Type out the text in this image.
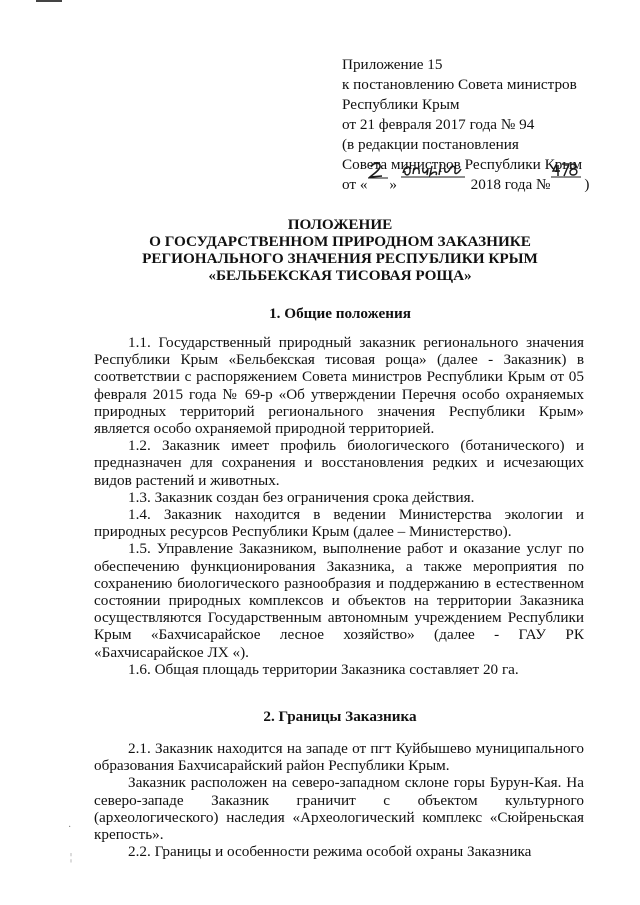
Приложение 15
к постановлению Совета министров
Республики Крым
от 21 февраля 2017 года № 94
(в редакции постановления
Совета министров Республики Крым
от « »	2018 года № )
ПОЛОЖЕНИЕ
О ГОСУДАРСТВЕННОМ ПРИРОДНОМ ЗАКАЗНИКЕ
РЕГИОНАЛЬНОГО ЗНАЧЕНИЯ РЕСПУБЛИКИ КРЫМ
«БЕЛЬБЕКСКАЯ ТИСОВАЯ РОЩА»
1. Общие положения

1.1. Государственный природный заказник регионального значения Республики Крым «Бельбекская тисовая роща» (далее - Заказник) в соответствии с распоряжением Совета министров Республики Крым от 05 февраля 2015 года № 69-р «Об утверждении Перечня особо охраняемых природных территорий регионального значения Республики Крым» является особо охраняемой природной территорией.

1.2. Заказник имеет профиль биологического (ботанического) и предназначен для сохранения и восстановления редких и исчезающих видов растений и животных.

1.3. Заказник создан без ограничения срока действия.

1.4. Заказник находится в ведении Министерства экологии и природных ресурсов Республики Крым (далее – Министерство).

1.5. Управление Заказником, выполнение работ и оказание услуг по обеспечению функционирования Заказника, а также мероприятия по сохранению биологического разнообразия и поддержанию в естественном состоянии природных комплексов и объектов на территории Заказника осуществляются Государственным автономным учреждением Республики Крым «Бахчисарайское лесное хозяйство» (далее - ГАУ РК «Бахчисарайское ЛХ «).

1.6. Общая площадь территории Заказника составляет 20 га.

2. Границы Заказника

2.1. Заказник находится на западе от пгт Куйбышево муниципального образования Бахчисарайский район Республики Крым.

Заказник расположен на северо-западном склоне горы Бурун-Кая. На северо-западе Заказник граничит с объектом культурного (археологического) наследия «Археологический комплекс «Сюйреньская крепость».

2.2. Границы и особенности режима особой охраны Заказника

·
¦
